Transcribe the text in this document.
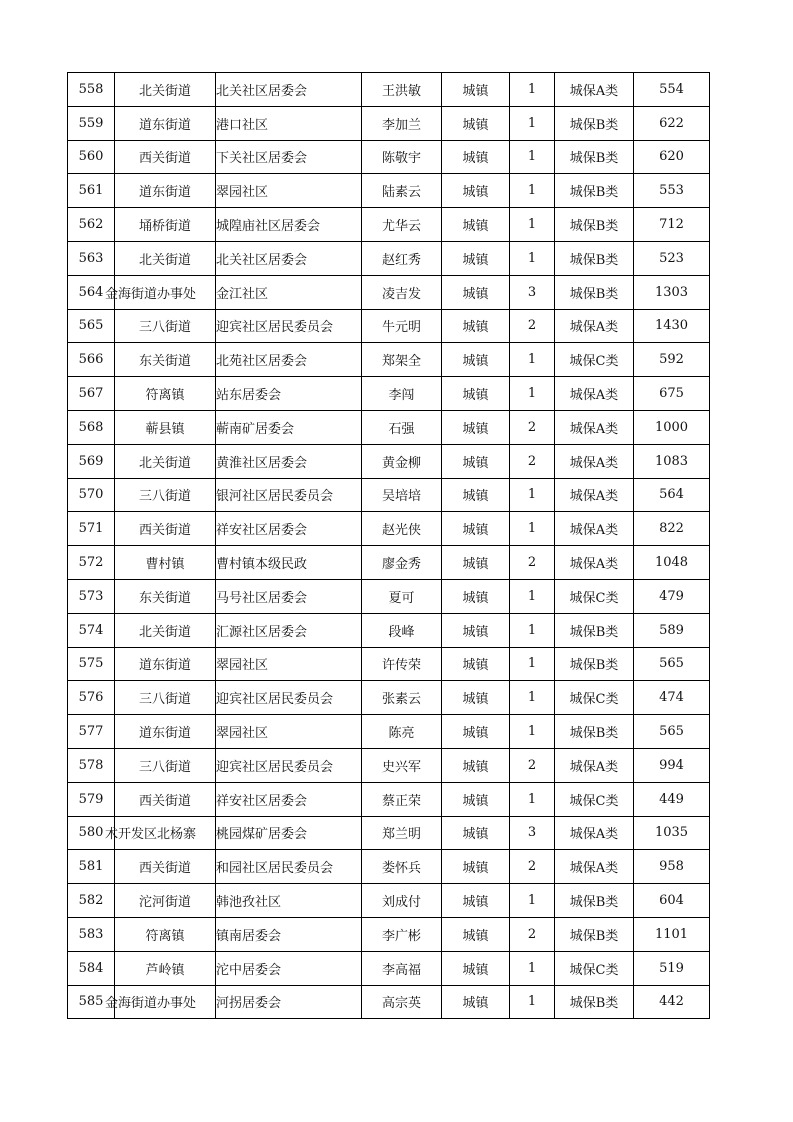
558	北关街道	北关社区居委会	王洪敏	城镇	1	城保A类	554
559	道东街道	港口社区	李加兰	城镇	1	城保B类	622
560	西关街道	下关社区居委会	陈敬宇	城镇	1	城保B类	620
561	道东街道	翠园社区	陆素云	城镇	1	城保B类	553
562	埇桥街道	城隍庙社区居委会	尤华云	城镇	1	城保B类	712
563	北关街道	北关社区居委会	赵红秀	城镇	1	城保B类	523
564	金海街道办事处	金江社区	凌吉发	城镇	3	城保B类	1303
565	三八街道	迎宾社区居民委员会	牛元明	城镇	2	城保A类	1430
566	东关街道	北苑社区居委会	郑架全	城镇	1	城保C类	592
567	符离镇	站东居委会	李闯	城镇	1	城保A类	675
568	蕲县镇	蕲南矿居委会	石强	城镇	2	城保A类	1000
569	北关街道	黄淮社区居委会	黄金柳	城镇	2	城保A类	1083
570	三八街道	银河社区居民委员会	吴培培	城镇	1	城保A类	564
571	西关街道	祥安社区居委会	赵光侠	城镇	1	城保A类	822
572	曹村镇	曹村镇本级民政	廖金秀	城镇	2	城保A类	1048
573	东关街道	马号社区居委会	夏可	城镇	1	城保C类	479
574	北关街道	汇源社区居委会	段峰	城镇	1	城保B类	589
575	道东街道	翠园社区	许传荣	城镇	1	城保B类	565
576	三八街道	迎宾社区居民委员会	张素云	城镇	1	城保C类	474
577	道东街道	翠园社区	陈亮	城镇	1	城保B类	565
578	三八街道	迎宾社区居民委员会	史兴军	城镇	2	城保A类	994
579	西关街道	祥安社区居委会	蔡正荣	城镇	1	城保C类	449
580	术开发区北杨寨	桃园煤矿居委会	郑兰明	城镇	3	城保A类	1035
581	西关街道	和园社区居民委员会	娄怀兵	城镇	2	城保A类	958
582	沱河街道	韩池孜社区	刘成付	城镇	1	城保B类	604
583	符离镇	镇南居委会	李广彬	城镇	2	城保B类	1101
584	芦岭镇	沱中居委会	李高福	城镇	1	城保C类	519
585	金海街道办事处	河拐居委会	高宗英	城镇	1	城保B类	442
